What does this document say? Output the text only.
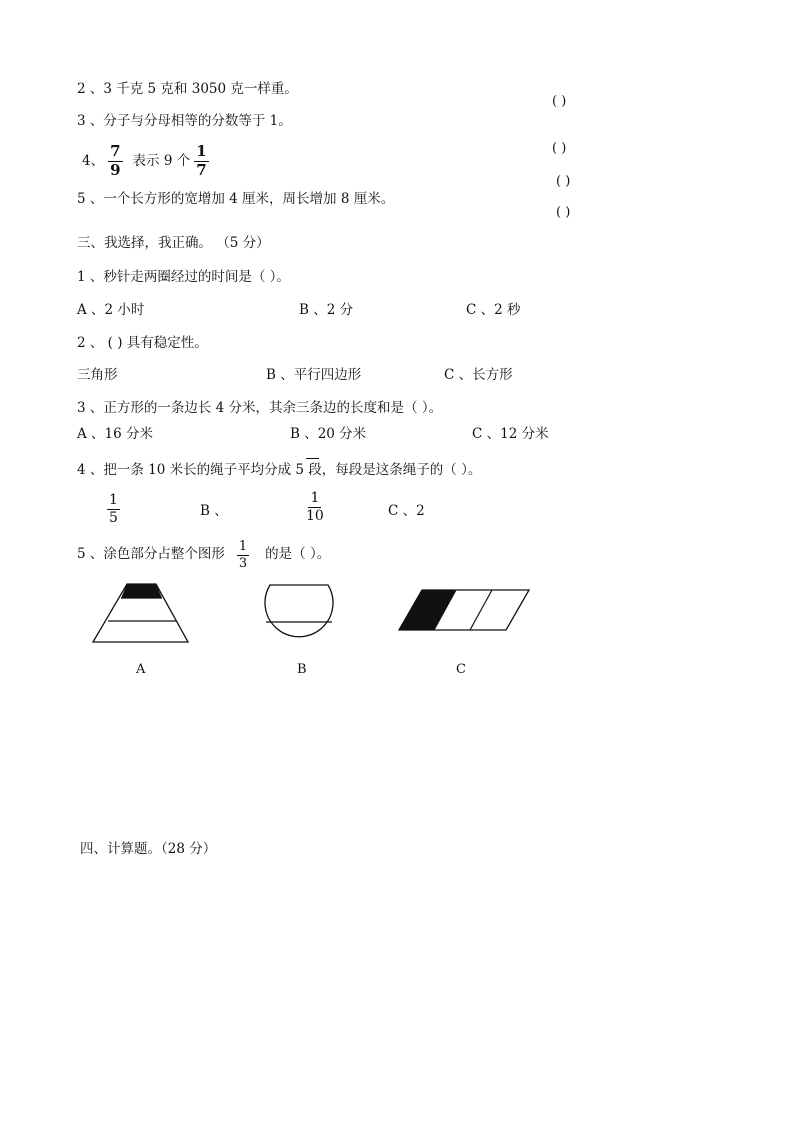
2 、3 千克 5 克和 3050 克一样重。
( )
3 、分子与分母相等的分数等于 1。
( )
4、 $\frac{7}{9}$ 表示 9 个 $\frac{1}{7}$
( )
5 、一个长方形的宽增加 4 厘米，周长增加 8 厘米。
( )
三、我选择，我正确。 （5 分）
1 、秒针走两圈经过的时间是（ ）。
A 、2 小时	B 、2 分	C 、2 秒
2 、 ( ) 具有稳定性。
三角形	B 、平行四边形	C 、长方形
3 、正方形的一条边长 4 分米，其余三条边的长度和是（ ）。
A 、16 分米	B 、20 分米	C 、12 分米
4 、把一条 10 米长的绳子平均分成 5 段，每段是这条绳子的（ ）。
$\frac{1}{5}$	B 、	$\frac{1}{10}$	C 、2
5 、涂色部分占整个图形 $\frac{1}{3}$ 的是（ ）。
A	B	C
四、计算题。（28 分）
